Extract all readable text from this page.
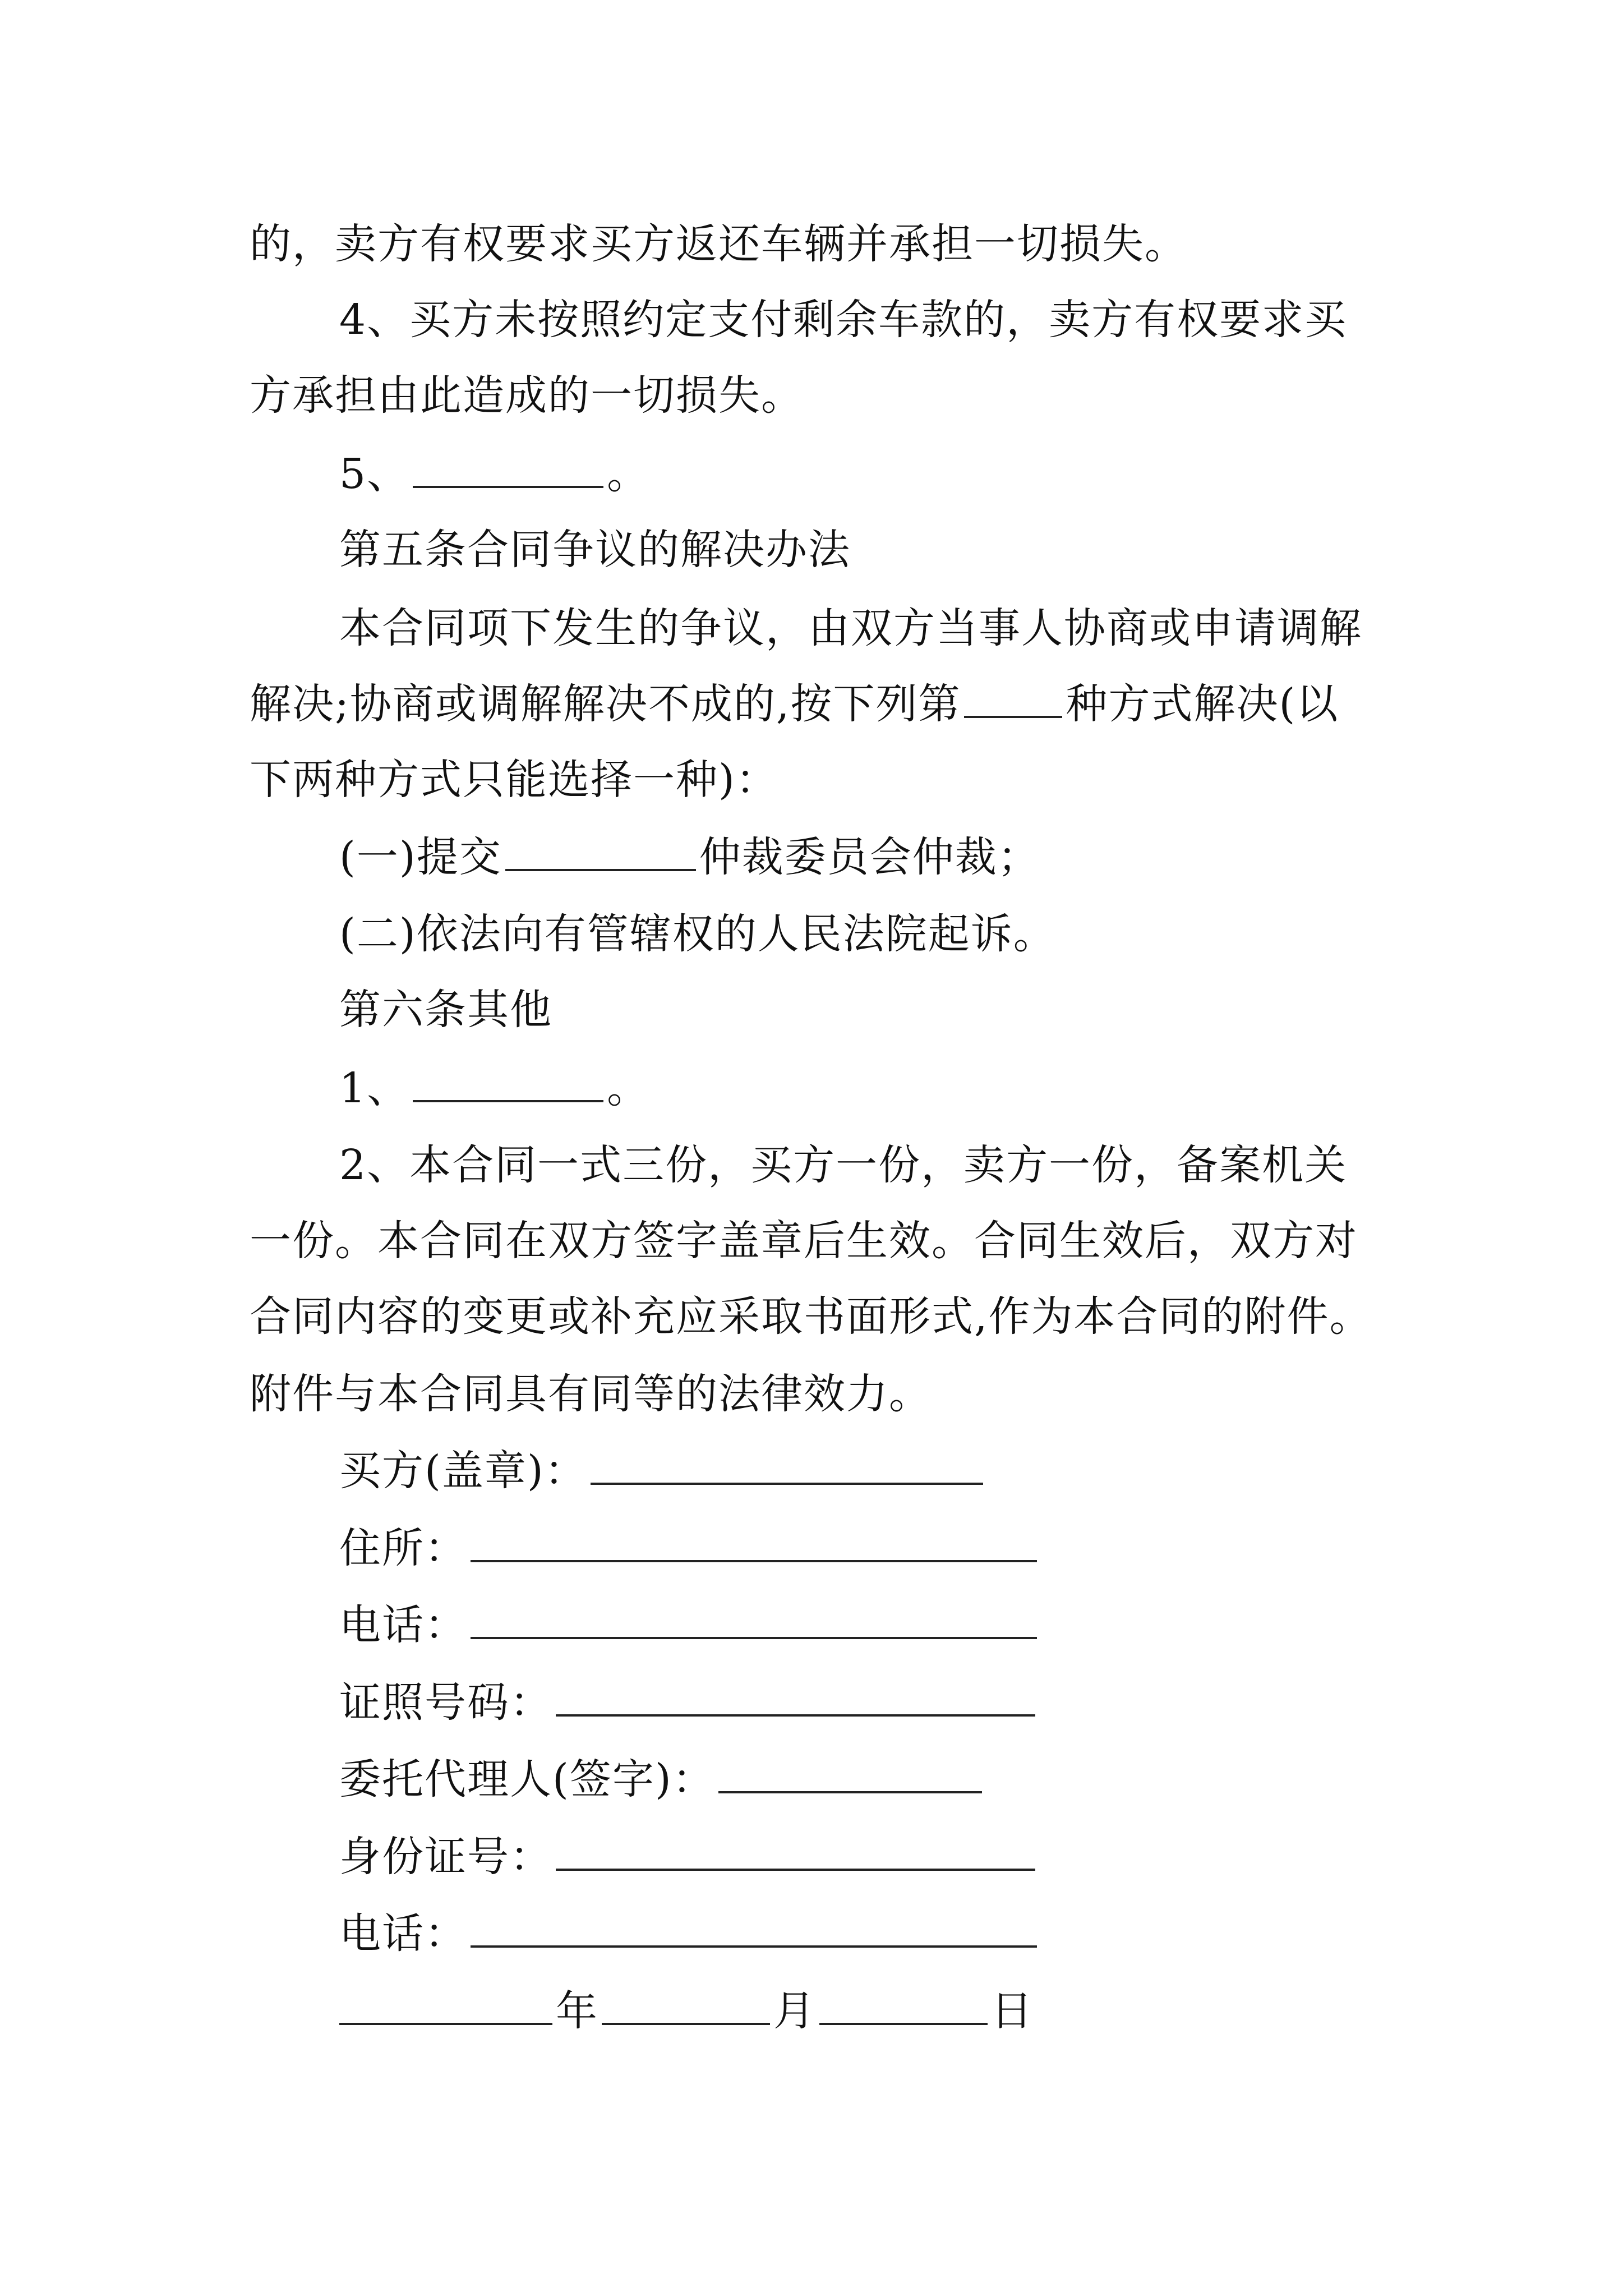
的，卖方有权要求买方返还车辆并承担一切损失。
4、买方未按照约定支付剩余车款的，卖方有权要求买
方承担由此造成的一切损失。
5、	。
第五条合同争议的解决办法
本合同项下发生的争议，由双方当事人协商或申请调解
解决;协商或调解解决不成的,按下列第	种方式解决(以
下两种方式只能选择一种)：
(一)提交	仲裁委员会仲裁；
(二)依法向有管辖权的人民法院起诉。
第六条其他
1、	。
2、本合同一式三份，买方一份，卖方一份，备案机关
一份。本合同在双方签字盖章后生效。合同生效后，双方对
合同内容的变更或补充应采取书面形式,作为本合同的附件。
附件与本合同具有同等的法律效力。
买方(盖章)：
住所：
电话：
证照号码：
委托代理人(签字)：
身份证号：
电话：
年	月	日
